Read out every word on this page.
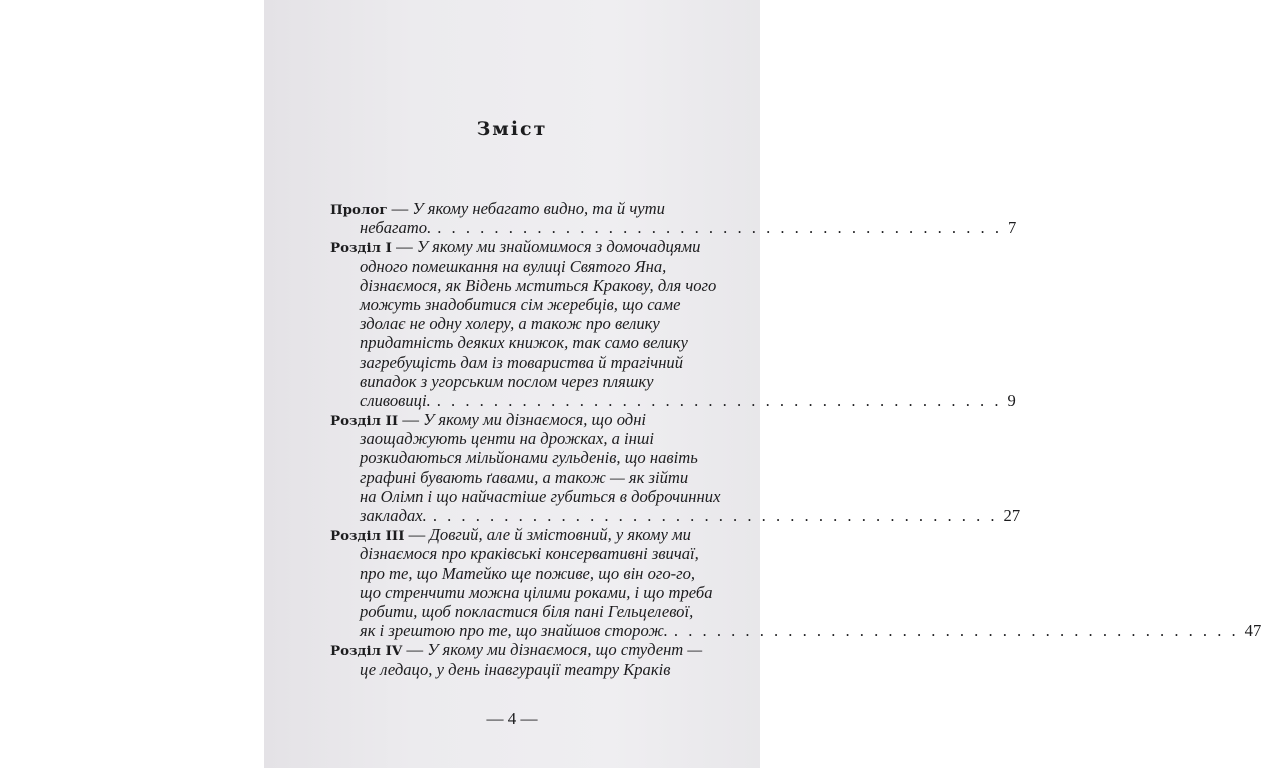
Зміст
Пролог — У якому небагато видно, та й чути
небагато. . . . . . . . . . . . . . . . . . . . . . . . . . . . . . . . . . . . . . . . . 7
Розділ I — У якому ми знайомимося з домочадцями
одного помешкання на вулиці Святого Яна,
дізнаємося, як Відень мститься Кракову, для чого
можуть знадобитися сім жеребців, що саме
здолає не одну холеру, а також про велику
придатність деяких книжок, так само велику
загребущість дам із товариства й трагічний
випадок з угорським послом через пляшку
сливовиці. . . . . . . . . . . . . . . . . . . . . . . . . . . . . . . . . . . . . . . . . 9
Розділ II — У якому ми дізнаємося, що одні
заощаджують центи на дрожках, а інші
розкидаються мільйонами гульденів, що навіть
графині бувають ґавами, а також — як зійти
на Олімп і що найчастіше губиться в доброчинних
закладах. . . . . . . . . . . . . . . . . . . . . . . . . . . . . . . . . . . . . . . . . 27
Розділ III — Довгий, але й змістовний, у якому ми
дізнаємося про краківські консервативні звичаї,
про те, що Матейко ще поживе, що він ого-го,
що стренчити можна цілими роками, і що треба
робити, щоб покластися біля пані Гельцелевої,
як і зрештою про те, що знайшов сторож. . . . . . . . . . . . . . . . . . . . . . . . . . . . . . . . . . . . . . . . . 47
Розділ IV — У якому ми дізнаємося, що студент —
це ледацо, у день інавгурації театру Краків
— 4 —
